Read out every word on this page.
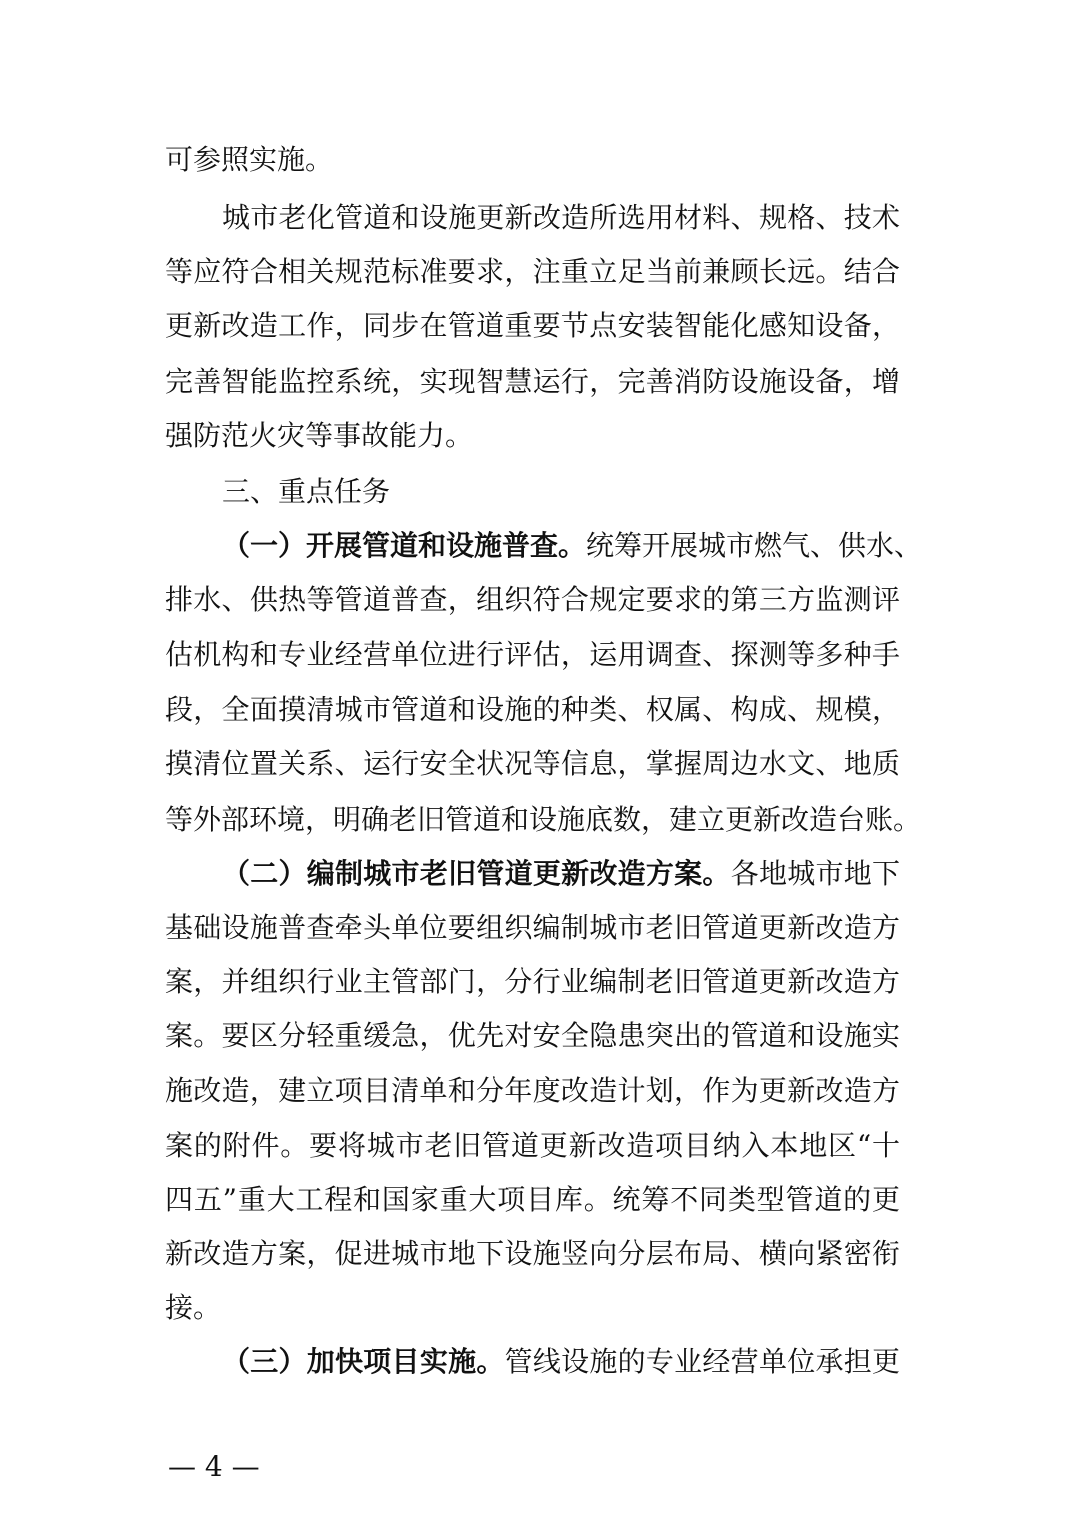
可参照实施。
城市老化管道和设施更新改造所选用材料、规格、技术
等应符合相关规范标准要求，注重立足当前兼顾长远。结合
更新改造工作，同步在管道重要节点安装智能化感知设备，
完善智能监控系统，实现智慧运行，完善消防设施设备，增
强防范火灾等事故能力。
三、重点任务
（一）开展管道和设施普查。统筹开展城市燃气、供水、
排水、供热等管道普查，组织符合规定要求的第三方监测评
估机构和专业经营单位进行评估，运用调查、探测等多种手
段，全面摸清城市管道和设施的种类、权属、构成、规模，
摸清位置关系、运行安全状况等信息，掌握周边水文、地质
等外部环境，明确老旧管道和设施底数，建立更新改造台账。
（二）编制城市老旧管道更新改造方案。各地城市地下
基础设施普查牵头单位要组织编制城市老旧管道更新改造方
案，并组织行业主管部门，分行业编制老旧管道更新改造方
案。要区分轻重缓急，优先对安全隐患突出的管道和设施实
施改造，建立项目清单和分年度改造计划，作为更新改造方
案的附件。要将城市老旧管道更新改造项目纳入本地区“十
四五”重大工程和国家重大项目库。统筹不同类型管道的更
新改造方案，促进城市地下设施竖向分层布局、横向紧密衔
接。
（三）加快项目实施。管线设施的专业经营单位承担更
— 4 —
